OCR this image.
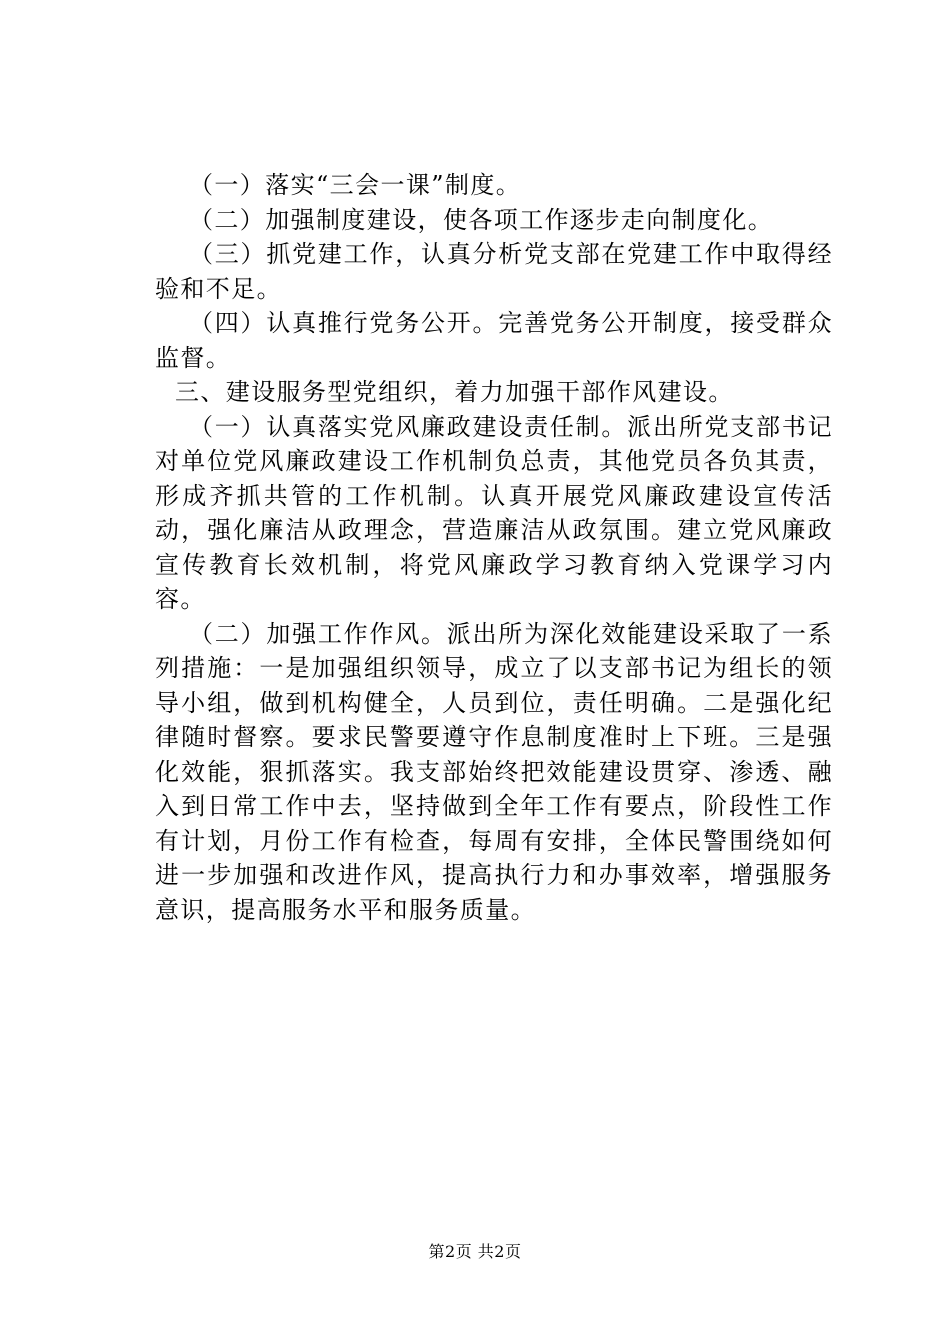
（一）落实“三会一课”制度。

（二）加强制度建设，使各项工作逐步走向制度化。

（三）抓党建工作，认真分析党支部在党建工作中取得经验和不足。

（四）认真推行党务公开。完善党务公开制度，接受群众监督。

三、建设服务型党组织，着力加强干部作风建设。

（一）认真落实党风廉政建设责任制。派出所党支部书记对单位党风廉政建设工作机制负总责，其他党员各负其责，形成齐抓共管的工作机制。认真开展党风廉政建设宣传活动，强化廉洁从政理念，营造廉洁从政氛围。建立党风廉政宣传教育长效机制，将党风廉政学习教育纳入党课学习内容。

（二）加强工作作风。派出所为深化效能建设采取了一系列措施：一是加强组织领导，成立了以支部书记为组长的领导小组，做到机构健全，人员到位，责任明确。二是强化纪律随时督察。要求民警要遵守作息制度准时上下班。三是强化效能，狠抓落实。我支部始终把效能建设贯穿、渗透、融入到日常工作中去，坚持做到全年工作有要点，阶段性工作有计划，月份工作有检查，每周有安排，全体民警围绕如何进一步加强和改进作风，提高执行力和办事效率，增强服务意识，提高服务水平和服务质量。

第2页 共2页
